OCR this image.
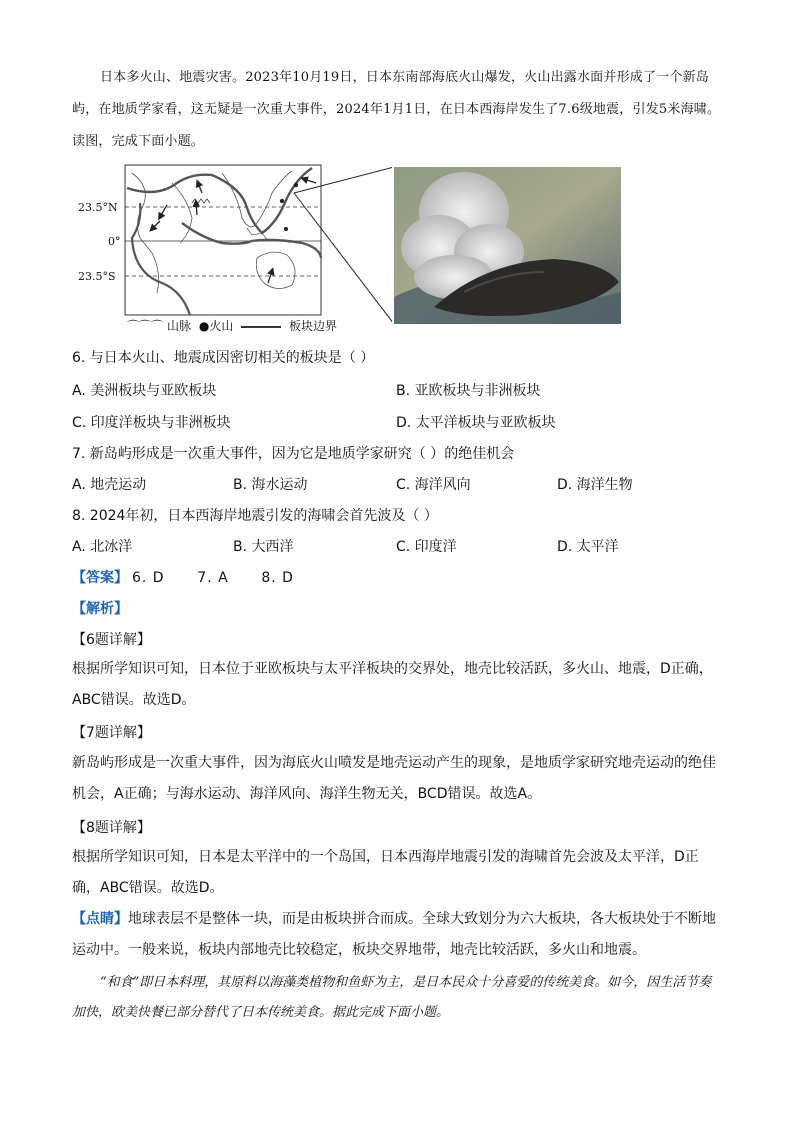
日本多火山、地震灾害。2023年10月19日，日本东南部海底火山爆发，火山出露水面并形成了一个新岛屿，在地质学家看，这无疑是一次重大事件，2024年1月1日，在日本西海岸发生了7.6级地震，引发5米海啸。读图，完成下面小题。
23.5°N
0°
23.5°S
⌒⌒⌒ 山脉 ●火山	板块边界
6. 与日本火山、地震成因密切相关的板块是（ ）
A. 美洲板块与亚欧板块	B. 亚欧板块与非洲板块
C. 印度洋板块与非洲板块	D. 太平洋板块与亚欧板块
7. 新岛屿形成是一次重大事件，因为它是地质学家研究（ ）的绝佳机会
A. 地壳运动	B. 海水运动	C. 海洋风向	D. 海洋生物
8. 2024年初，日本西海岸地震引发的海啸会首先波及（ ）
A. 北冰洋	B. 大西洋	C. 印度洋	D. 太平洋
【答案】 6. D      7. A      8. D
【解析】
【6题详解】
根据所学知识可知，日本位于亚欧板块与太平洋板块的交界处，地壳比较活跃，多火山、地震，D正确，ABC错误。故选D。
【7题详解】
新岛屿形成是一次重大事件，因为海底火山喷发是地壳运动产生的现象，是地质学家研究地壳运动的绝佳机会，A正确；与海水运动、海洋风向、海洋生物无关，BCD错误。故选A。
【8题详解】
根据所学知识可知，日本是太平洋中的一个岛国，日本西海岸地震引发的海啸首先会波及太平洋，D正确，ABC错误。故选D。
【点睛】地球表层不是整体一块，而是由板块拼合而成。全球大致划分为六大板块，各大板块处于不断地运动中。一般来说，板块内部地壳比较稳定，板块交界地带，地壳比较活跃，多火山和地震。
“和食”即日本料理，其原料以海藻类植物和鱼虾为主，是日本民众十分喜爱的传统美食。如今，因生活节奏加快，欧美快餐已部分替代了日本传统美食。据此完成下面小题。
